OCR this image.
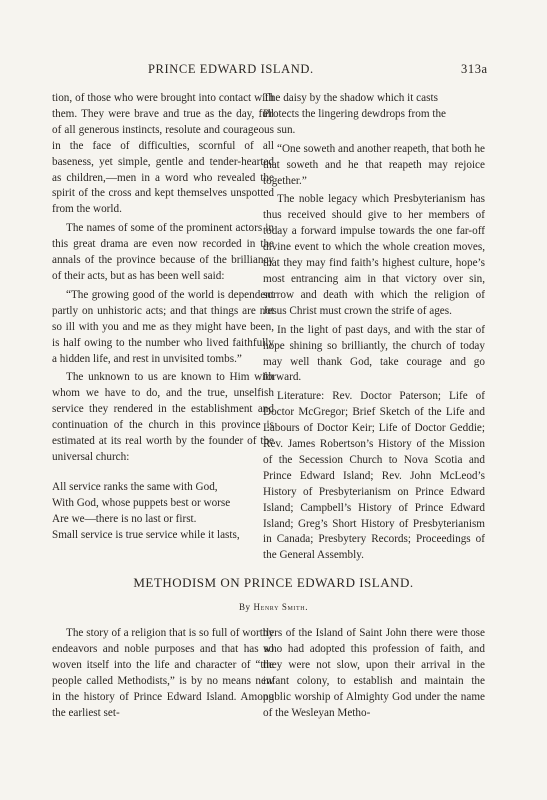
PRINCE EDWARD ISLAND.	313a

tion, of those who were brought into contact with them. They were brave and true as the day, full of all generous instincts, resolute and courageous in the face of difficulties, scornful of all baseness, yet simple, gentle and tender-hearted as children,—men in a word who revealed the spirit of the cross and kept themselves unspotted from the world.

The names of some of the prominent actors in this great drama are even now recorded in the annals of the province because of the brilliancy of their acts, but as has been well said:

“The growing good of the world is dependent partly on unhistoric acts; and that things are not so ill with you and me as they might have been, is half owing to the number who lived faithfully a hidden life, and rest in unvisited tombs.”

The unknown to us are known to Him with whom we have to do, and the true, unselfish service they rendered in the establishment and continuation of the church in this province is estimated at its real worth by the founder of the universal church:

All service ranks the same with God,
With God, whose puppets best or worse
Are we—there is no last or first.
Small service is true service while it lasts,
The daisy by the shadow which it casts
Protects the lingering dewdrops from the
sun.

“One soweth and another reapeth, that both he that soweth and he that reapeth may rejoice together.”

The noble legacy which Presbyterianism has thus received should give to her members of today a forward impulse towards the one far-off divine event to which the whole creation moves, that they may find faith’s highest culture, hope’s most entrancing aim in that victory over sin, sorrow and death with which the religion of Jesus Christ must crown the strife of ages.

In the light of past days, and with the star of hope shining so brilliantly, the church of today may well thank God, take courage and go forward.

Literature: Rev. Doctor Paterson; Life of Doctor McGregor; Brief Sketch of the Life and Labours of Doctor Keir; Life of Doctor Geddie; Rev. James Robertson’s History of the Mission of the Secession Church to Nova Scotia and Prince Edward Island; Rev. John McLeod’s History of Presbyterianism on Prince Edward Island; Campbell’s History of Prince Edward Island; Greg’s Short History of Presbyterianism in Canada; Presbytery Records; Proceedings of the General Assembly.

METHODISM ON PRINCE EDWARD ISLAND.
By Henry Smith.

The story of a religion that is so full of worthy endeavors and noble purposes and that has so woven itself into the life and character of “the people called Methodists,” is by no means new in the history of Prince Edward Island. Among the earliest set-

tlers of the Island of Saint John there were those who had adopted this profession of faith, and they were not slow, upon their arrival in the infant colony, to establish and maintain the public worship of Almighty God under the name of the Wesleyan Metho-
